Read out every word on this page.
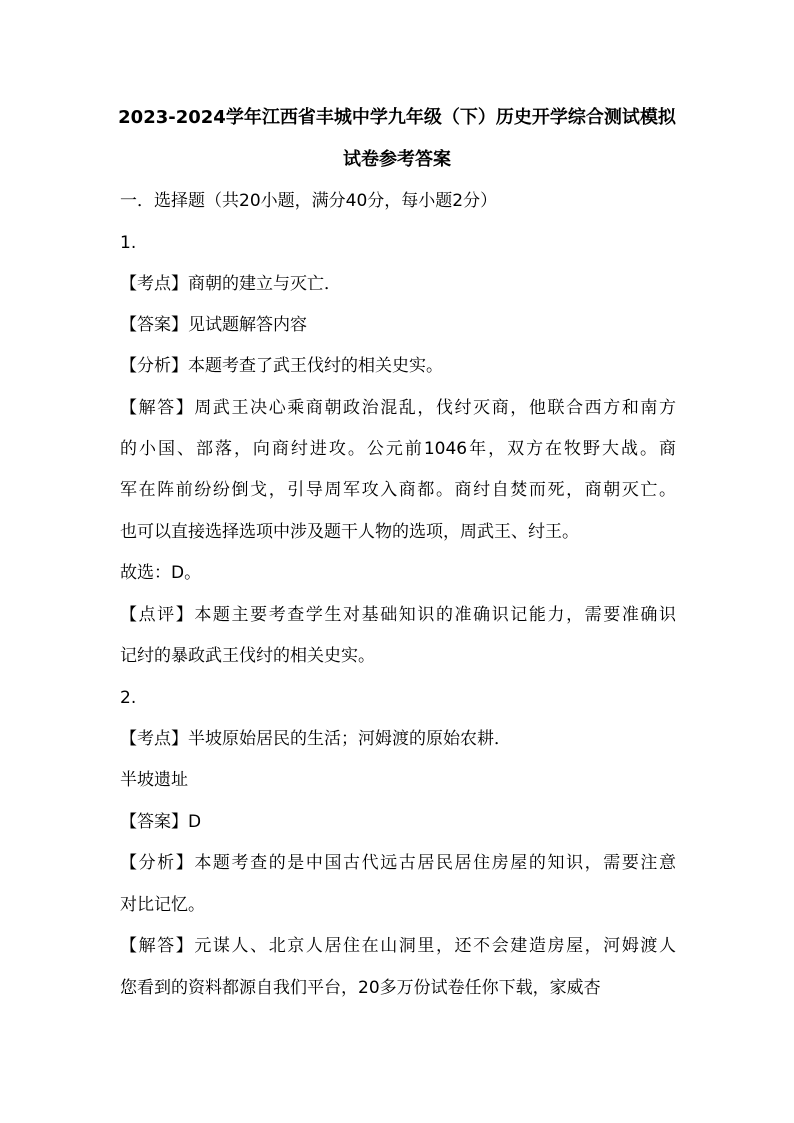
2023-2024学年江西省丰城中学九年级（下）历史开学综合测试模拟
试卷参考答案
一．选择题（共20小题，满分40分，每小题2分）
1.
【考点】商朝的建立与灭亡．
【答案】见试题解答内容
【分析】本题考查了武王伐纣的相关史实。
【解答】周武王决心乘商朝政治混乱，伐纣灭商，他联合西方和南方
的小国、部落，向商纣进攻。公元前1046年，双方在牧野大战。商
军在阵前纷纷倒戈，引导周军攻入商都。商纣自焚而死，商朝灭亡。
也可以直接选择选项中涉及题干人物的选项，周武王、纣王。
故选：D。
【点评】本题主要考查学生对基础知识的准确识记能力，需要准确识
记纣的暴政武王伐纣的相关史实。
2.
【考点】半坡原始居民的生活；河姆渡的原始农耕．
半坡遗址
【答案】D
【分析】本题考查的是中国古代远古居民居住房屋的知识，需要注意
对比记忆。
【解答】元谋人、北京人居住在山洞里，还不会建造房屋，河姆渡人
您看到的资料都源自我们平台，20多万份试卷任你下载，家威杏
